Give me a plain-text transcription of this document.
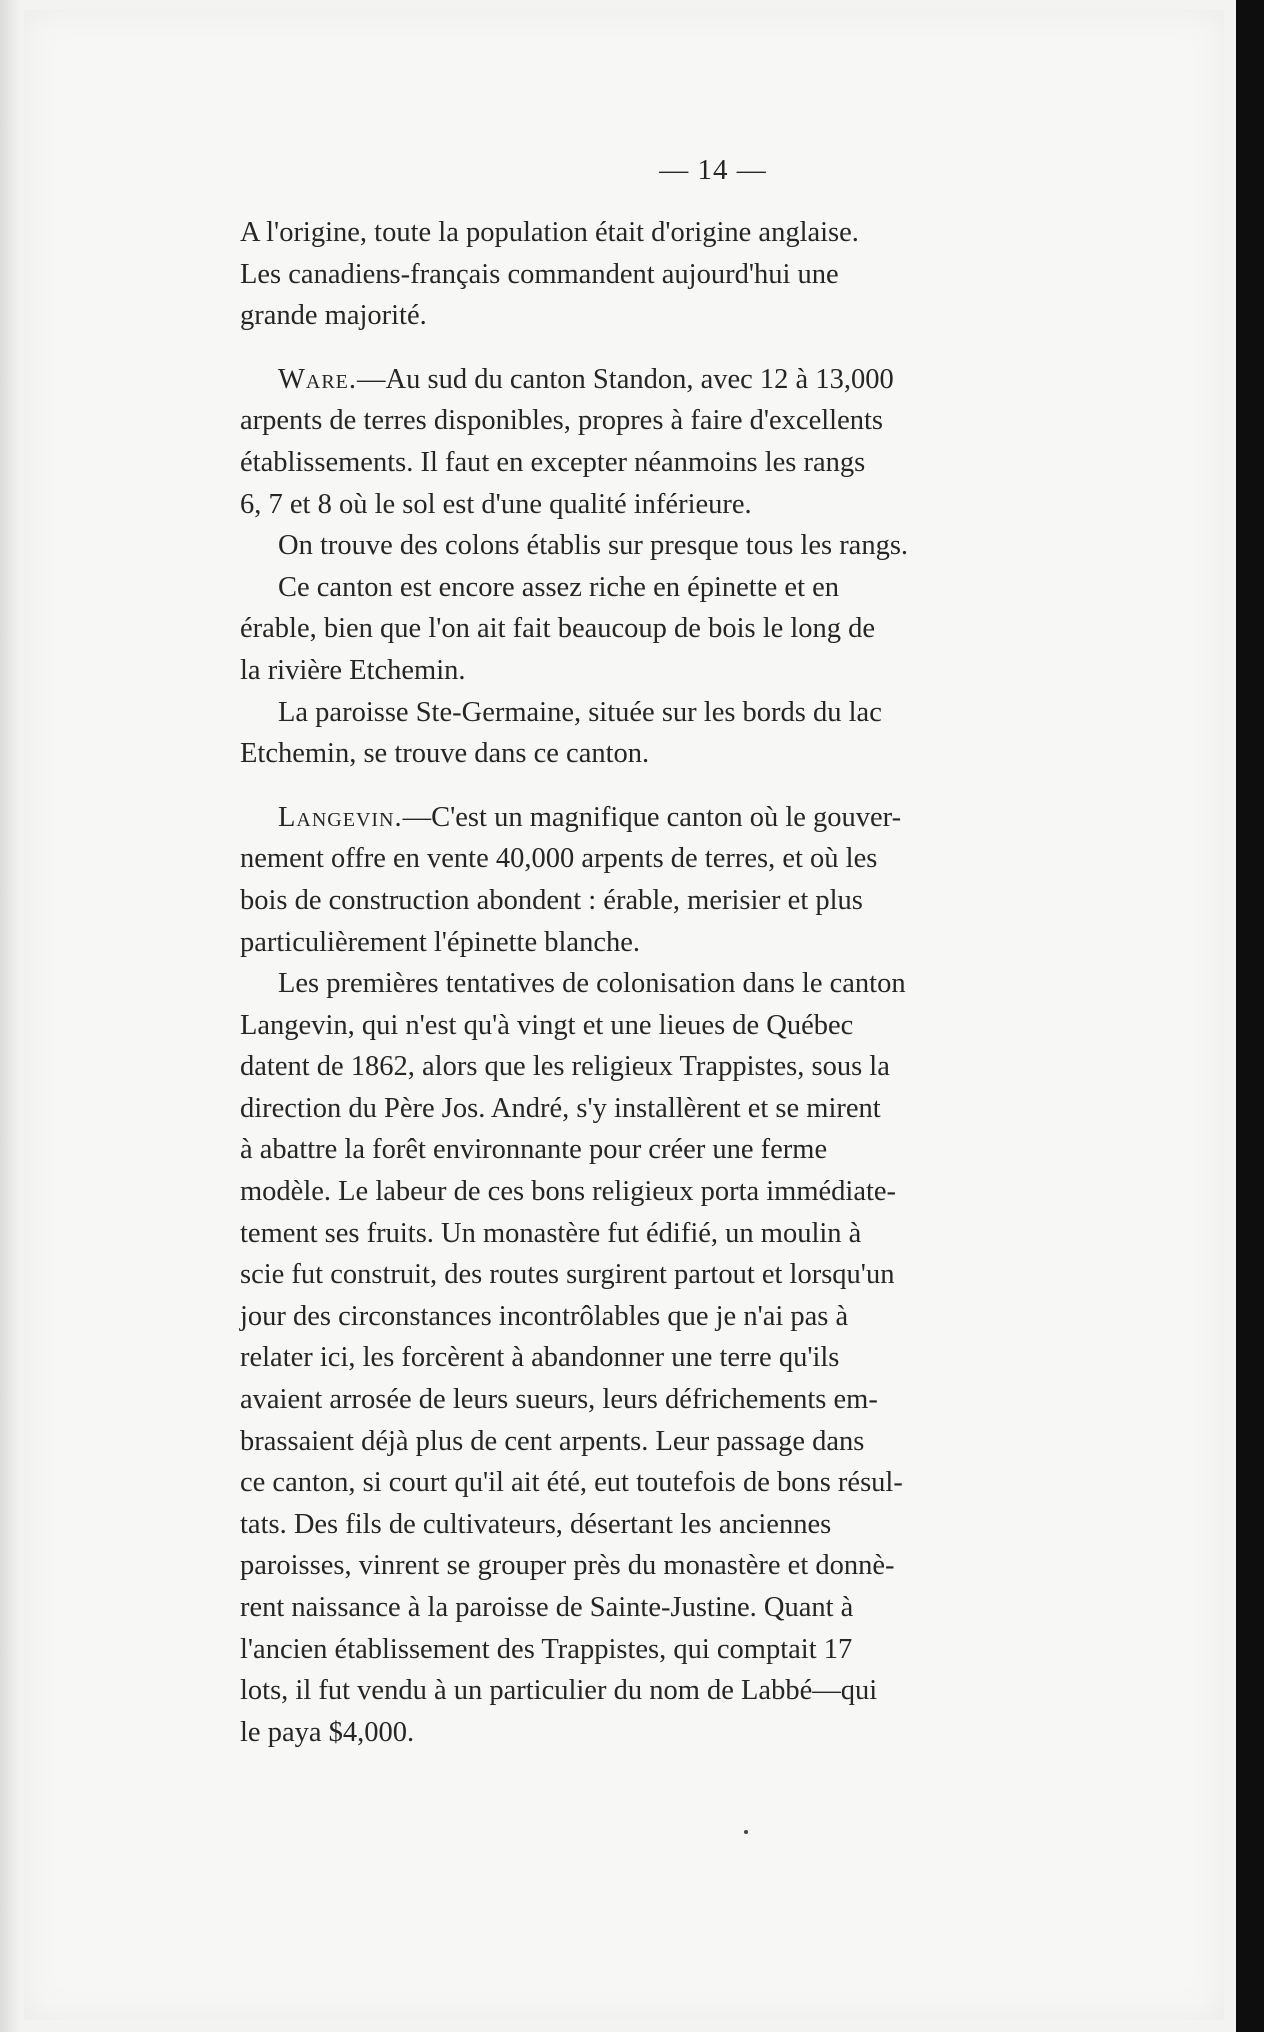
— 14 —

A l'origine, toute la population était d'origine anglaise.
Les canadiens-français commandent aujourd'hui une
grande majorité.

Ware.—Au sud du canton Standon, avec 12 à 13,000
arpents de terres disponibles, propres à faire d'excellents
établissements. Il faut en excepter néanmoins les rangs
6, 7 et 8 où le sol est d'une qualité inférieure.

On trouve des colons établis sur presque tous les rangs.

Ce canton est encore assez riche en épinette et en
érable, bien que l'on ait fait beaucoup de bois le long de
la rivière Etchemin.

La paroisse Ste-Germaine, située sur les bords du lac
Etchemin, se trouve dans ce canton.

Langevin.—C'est un magnifique canton où le gouver-
nement offre en vente 40,000 arpents de terres, et où les
bois de construction abondent : érable, merisier et plus
particulièrement l'épinette blanche.

Les premières tentatives de colonisation dans le canton
Langevin, qui n'est qu'à vingt et une lieues de Québec
datent de 1862, alors que les religieux Trappistes, sous la
direction du Père Jos. André, s'y installèrent et se mirent
à abattre la forêt environnante pour créer une ferme
modèle. Le labeur de ces bons religieux porta immédiate-
tement ses fruits. Un monastère fut édifié, un moulin à
scie fut construit, des routes surgirent partout et lorsqu'un
jour des circonstances incontrôlables que je n'ai pas à
relater ici, les forcèrent à abandonner une terre qu'ils
avaient arrosée de leurs sueurs, leurs défrichements em-
brassaient déjà plus de cent arpents. Leur passage dans
ce canton, si court qu'il ait été, eut toutefois de bons résul-
tats. Des fils de cultivateurs, désertant les anciennes
paroisses, vinrent se grouper près du monastère et donnè-
rent naissance à la paroisse de Sainte-Justine. Quant à
l'ancien établissement des Trappistes, qui comptait 17
lots, il fut vendu à un particulier du nom de Labbé—qui
le paya $4,000.
